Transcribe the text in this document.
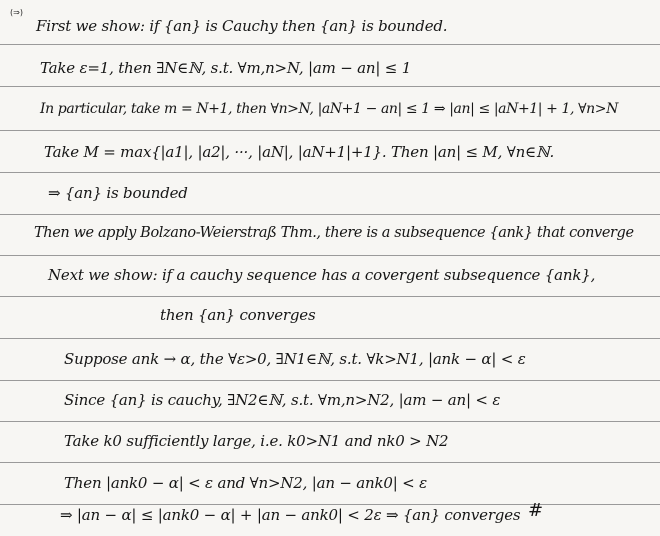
(⇒)
First we show: if {an} is Cauchy then {an} is bounded.
Take ε=1, then ∃N∈ℕ, s.t. ∀m,n>N, |am − an| ≤ 1
In particular, take m = N+1, then ∀n>N, |aN+1 − an| ≤ 1 ⇒ |an| ≤ |aN+1| + 1, ∀n>N
Take M = max{|a1|, |a2|, ···, |aN|, |aN+1|+1}. Then |an| ≤ M, ∀n∈ℕ.
⇒ {an} is bounded
Then we apply Bolzano-Weierstraß Thm., there is a subsequence {ank} that converge
Next we show: if a cauchy sequence has a covergent subsequence {ank},
then {an} converges
Suppose ank → α, the ∀ε>0, ∃N1∈ℕ, s.t. ∀k>N1, |ank − α| < ε
Since {an} is cauchy, ∃N2∈ℕ, s.t. ∀m,n>N2, |am − an| < ε
Take k0 sufficiently large, i.e. k0>N1 and nk0 > N2
Then |ank0 − α| < ε and ∀n>N2, |an − ank0| < ε
⇒ |an − α| ≤ |ank0 − α| + |an − ank0| < 2ε ⇒ {an} converges #
